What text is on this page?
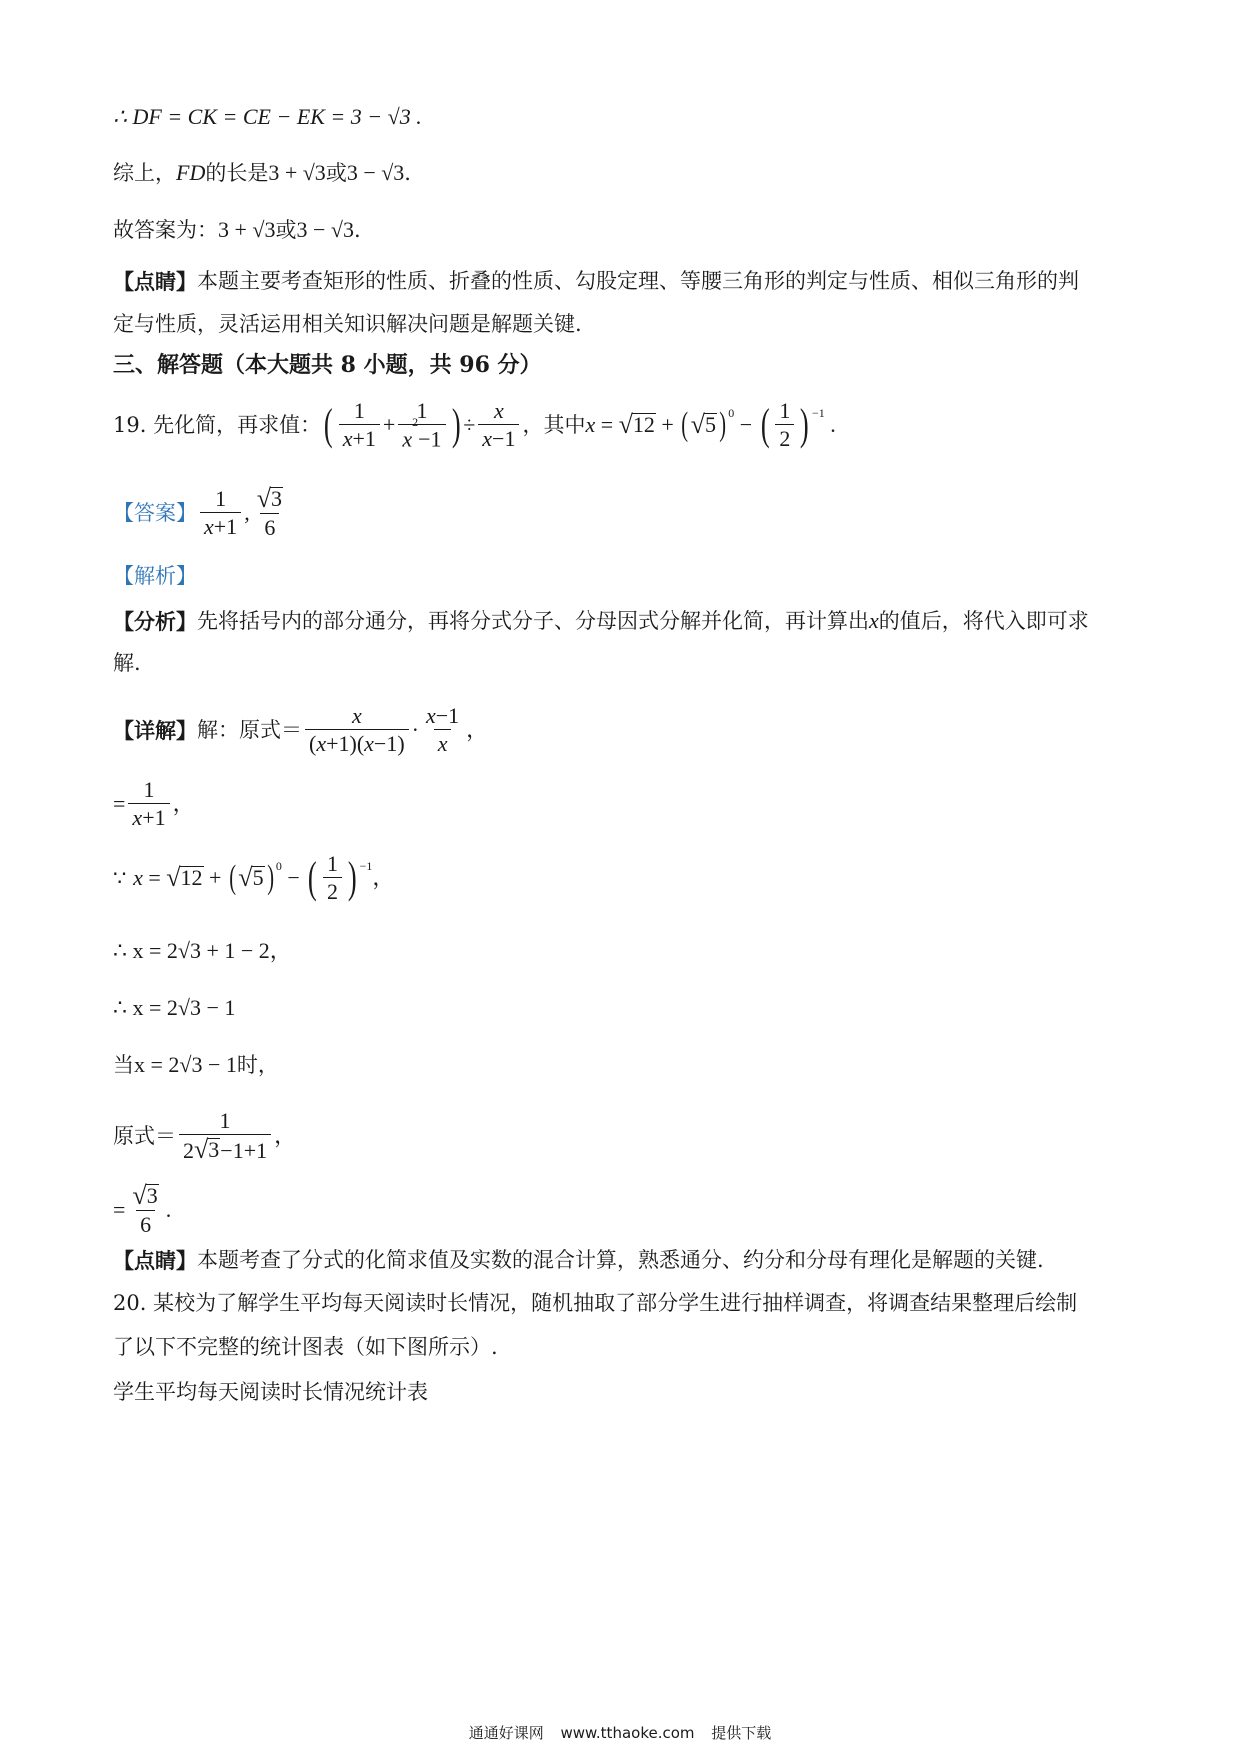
∴ DF = CK = CE − EK = 3 − √3 .
综上， FD 的长是 3 + √3 或 3 − √3 .
故答案为： 3 + √3 或 3 − √3 .
【点睛】 本题主要考查矩形的性质、折叠的性质、勾股定理、等腰三角形的判定与性质、相似三角形的判
定与性质，灵活运用相关知识解决问题是解题关键.
三、解答题（本大题共 8 小题，共 96 分）
19. 先化简，再求值： ( $\frac{1}{x+1} + \frac{1}{x^2-1}$ ) ÷ $\frac{x}{x-1}$ ，其中 x = √ 12 + ( √ 5 )$^0$ − ( $\frac{1}{2} )^{-1}$ .
【答案】 $\frac{1}{x+1}$ , $\frac{√ 3}{6}$
【解析】
【分析】 先将括号内的部分通分，再将分式分子、分母因式分解并化简，再计算出 x 的值后，将代入即可求
解.
【详解】 解：原式＝ $\frac{x}{(x+1)(x-1)} \cdot \frac{x-1}{x}$ ，
= $\frac{1}{x+1}$ ，
∵
x = √ 12 + ( √ 5 )$^0$ − ( $\frac{1}{2} )^{-1}$ ，
∴ x = 2√3 + 1 − 2，
∴ x = 2√3 − 1
当 x = 2√3 − 1 时，
原式＝ $\frac{1}{2 √ 3 -1+1}$ ，
= $\frac{√ 3}{6}$ .
【点睛】 本题考查了分式的化简求值及实数的混合计算，熟悉通分、约分和分母有理化是解题的关键.
20. 某校为了解学生平均每天阅读时长情况，随机抽取了部分学生进行抽样调查，将调查结果整理后绘制
了以下不完整的统计图表（如下图所示）.
学生平均每天阅读时长情况统计表
通通好课网 www.tthaoke.com 提供下载
